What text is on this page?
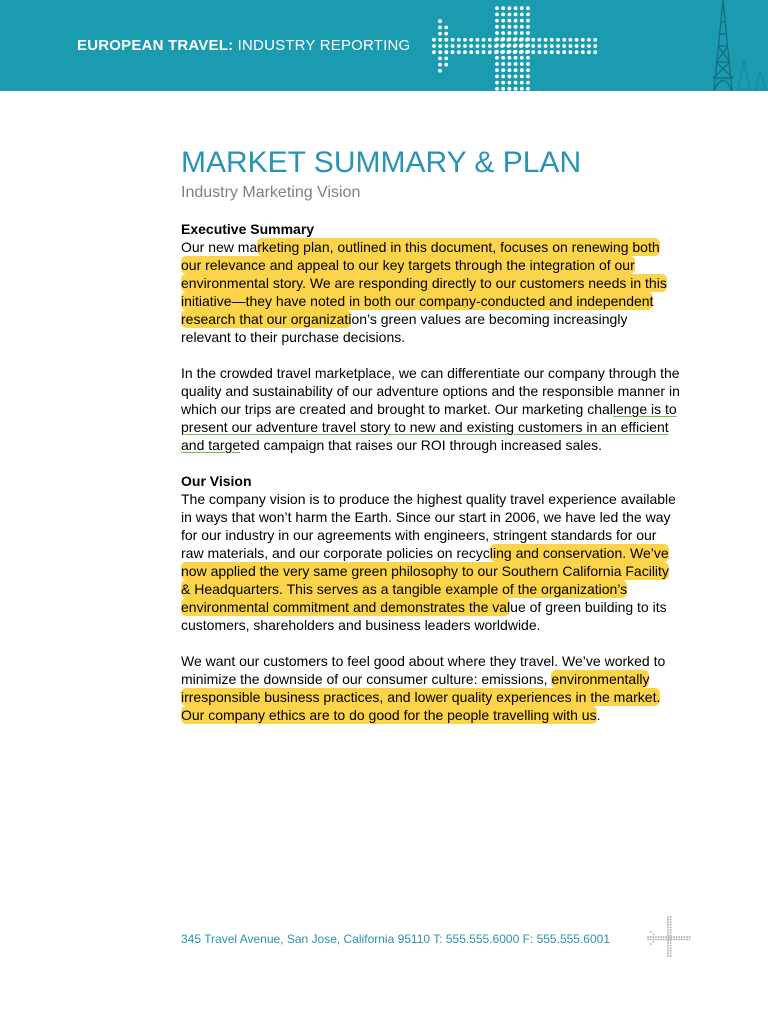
EUROPEAN TRAVEL: INDUSTRY REPORTING
MARKET SUMMARY & PLAN
Industry Marketing Vision
Executive Summary

Our new marketing plan, outlined in this document, focuses on renewing both our relevance and appeal to our key targets through the integration of our environmental story. We are responding directly to our customers needs in this initiative—they have noted in both our company-conducted and independent research that our organization’s green values are becoming increasingly relevant to their purchase decisions.

In the crowded travel marketplace, we can differentiate our company through the quality and sustainability of our adventure options and the responsible manner in which our trips are created and brought to market. Our marketing challenge is to present our adventure travel story to new and existing customers in an efficient and targeted campaign that raises our ROI through increased sales.

Our Vision

The company vision is to produce the highest quality travel experience available in ways that won’t harm the Earth. Since our start in 2006, we have led the way for our industry in our agreements with engineers, stringent standards for our raw materials, and our corporate policies on recycling and conservation. We’ve now applied the very same green philosophy to our Southern California Facility & Headquarters. This serves as a tangible example of the organization’s environmental commitment and demonstrates the value of green building to its customers, shareholders and business leaders worldwide.

We want our customers to feel good about where they travel. We’ve worked to minimize the downside of our consumer culture: emissions, environmentally irresponsible business practices, and lower quality experiences in the market. Our company ethics are to do good for the people travelling with us.

345 Travel Avenue, San Jose, California 95110 T: 555.555.6000 F: 555.555.6001
